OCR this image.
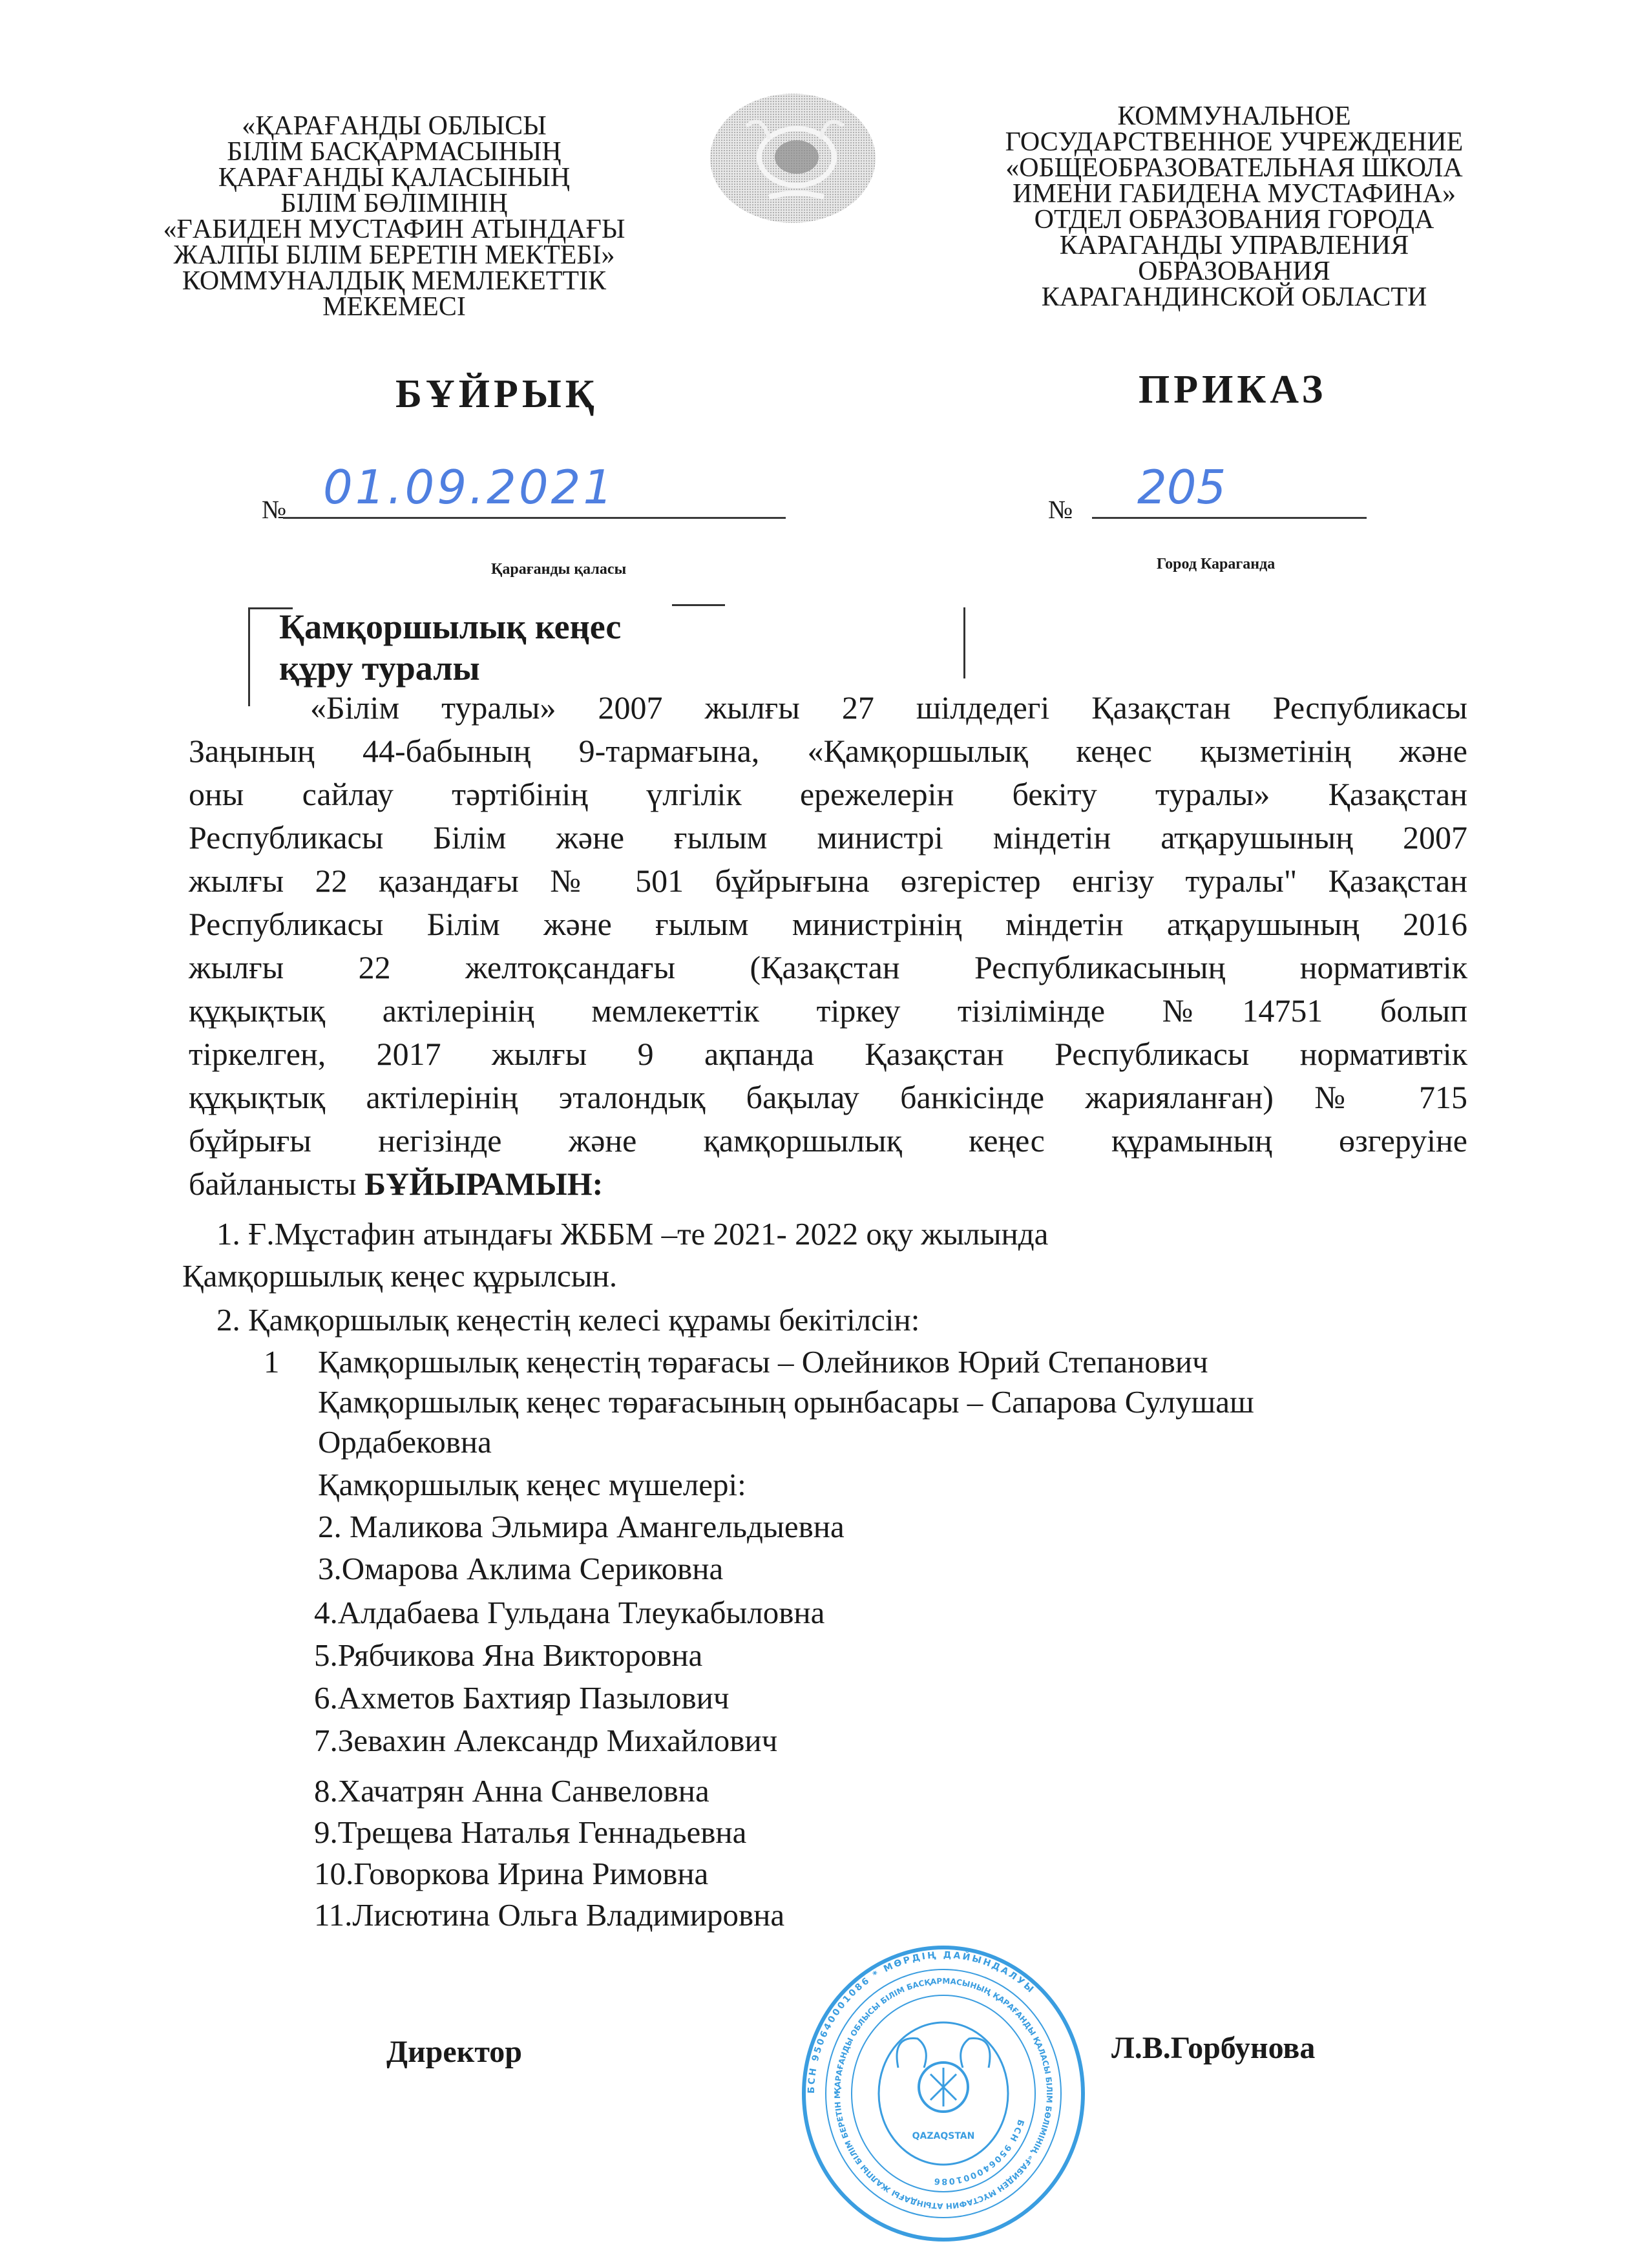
«ҚАРАҒАНДЫ ОБЛЫСЫ
БІЛІМ БАСҚАРМАСЫНЫҢ
ҚАРАҒАНДЫ ҚАЛАСЫНЫҢ
БІЛІМ БӨЛІМІНІҢ
«ҒАБИДЕН МУСТАФИН АТЫНДАҒЫ
ЖАЛПЫ БІЛІМ БЕРЕТІН МЕКТЕБІ»
КОММУНАЛДЫҚ МЕМЛЕКЕТТІК
МЕКЕМЕСІ
КОММУНАЛЬНОЕ
ГОСУДАРСТВЕННОЕ УЧРЕЖДЕНИЕ
«ОБЩЕОБРАЗОВАТЕЛЬНАЯ ШКОЛА
ИМЕНИ ГАБИДЕНА МУСТАФИНА»
ОТДЕЛ ОБРАЗОВАНИЯ ГОРОДА
КАРАГАНДЫ УПРАВЛЕНИЯ
ОБРАЗОВАНИЯ
КАРАГАНДИНСКОЙ ОБЛАСТИ
БҰЙРЫҚ	ПРИКАЗ
№ 01.09.2021
Қарағанды қаласы
№ 205
Город Караганда
Қамқоршылық кеңес
құру туралы
«Білім туралы» 2007 жылғы 27 шілдедегі Қазақстан Республикасы
Заңының 44-бабының 9-тармағына, «Қамқоршылық кеңес қызметінің және
оны сайлау тәртібінің үлгілік ережелерін бекіту туралы» Қазақстан
Республикасы Білім және ғылым министрі міндетін атқарушының 2007
жылғы 22 қазандағы № 501 бұйрығына өзгерістер енгізу туралы" Қазақстан
Республикасы Білім және ғылым министрінің міндетін атқарушының 2016
жылғы 22 желтоқсандағы (Қазақстан Республикасының нормативтік
құқықтық актілерінің мемлекеттік тіркеу тізілімінде №14751 болып
тіркелген, 2017 жылғы 9 ақпанда Қазақстан Республикасы нормативтік
құқықтық актілерінің эталондық бақылау банкісінде жарияланған) № 715
бұйрығы негізінде және қамқоршылық кеңес құрамының өзгеруіне
байланысты БҰЙЫРАМЫН:
1. Ғ.Мұстафин атындағы ЖББМ –те 2021- 2022 оқу жылында
Қамқоршылық кеңес құрылсын.
2. Қамқоршылық кеңестің келесі құрамы бекітілсін:
1 Қамқоршылық кеңестің төрағасы – Олейников Юрий Степанович
Қамқоршылық кеңес төрағасының орынбасары – Сапарова Сулушаш
Ордабековна
Қамқоршылық кеңес мүшелері:
2. Маликова Эльмира Амангельдыевна
3.Омарова Аклима Сериковна
4.Алдабаева Гульдана Тлеукабыловна
5.Рябчикова Яна Викторовна
6.Ахметов Бахтияр Пазылович
7.Зевахин Александр Михайлович
8.Хачатрян Анна Санвеловна
9.Трещева Наталья Геннадьевна
10.Говоркова Ирина Римовна
11.Лисютина Ольга Владимировна
БСН 950640001086 * МӨРДІҢ ДАЙЫНДАЛУЫ
ҚАРАҒАНДЫ ОБЛЫСЫ БІЛІМ БАСҚАРМАСЫНЫҢ ҚАРАҒАНДЫ ҚАЛАСЫ БІЛІМ БӨЛІМІНІҢ «ҒАБИДЕН МҰСТАФИН АТЫНДАҒЫ ЖАЛПЫ БІЛІМ БЕРЕТІН М
БСН 950640001086
QAZAQSTAN
Директор	Л.В.Горбунова
